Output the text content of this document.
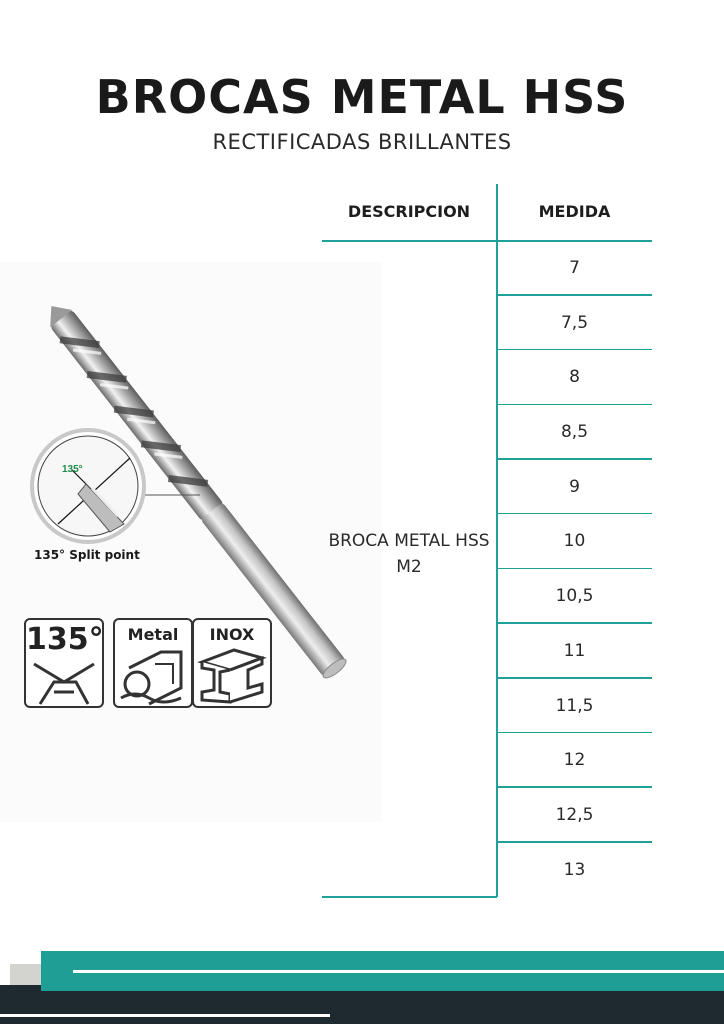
BROCAS METAL HSS
RECTIFICADAS BRILLANTES
135°
135° Split point
135°	Metal	INOX
DESCRIPCION	MEDIDA
BROCA METAL HSS M2
7
7,5
8
8,5
9
10
10,5
11
11,5
12
12,5
13
